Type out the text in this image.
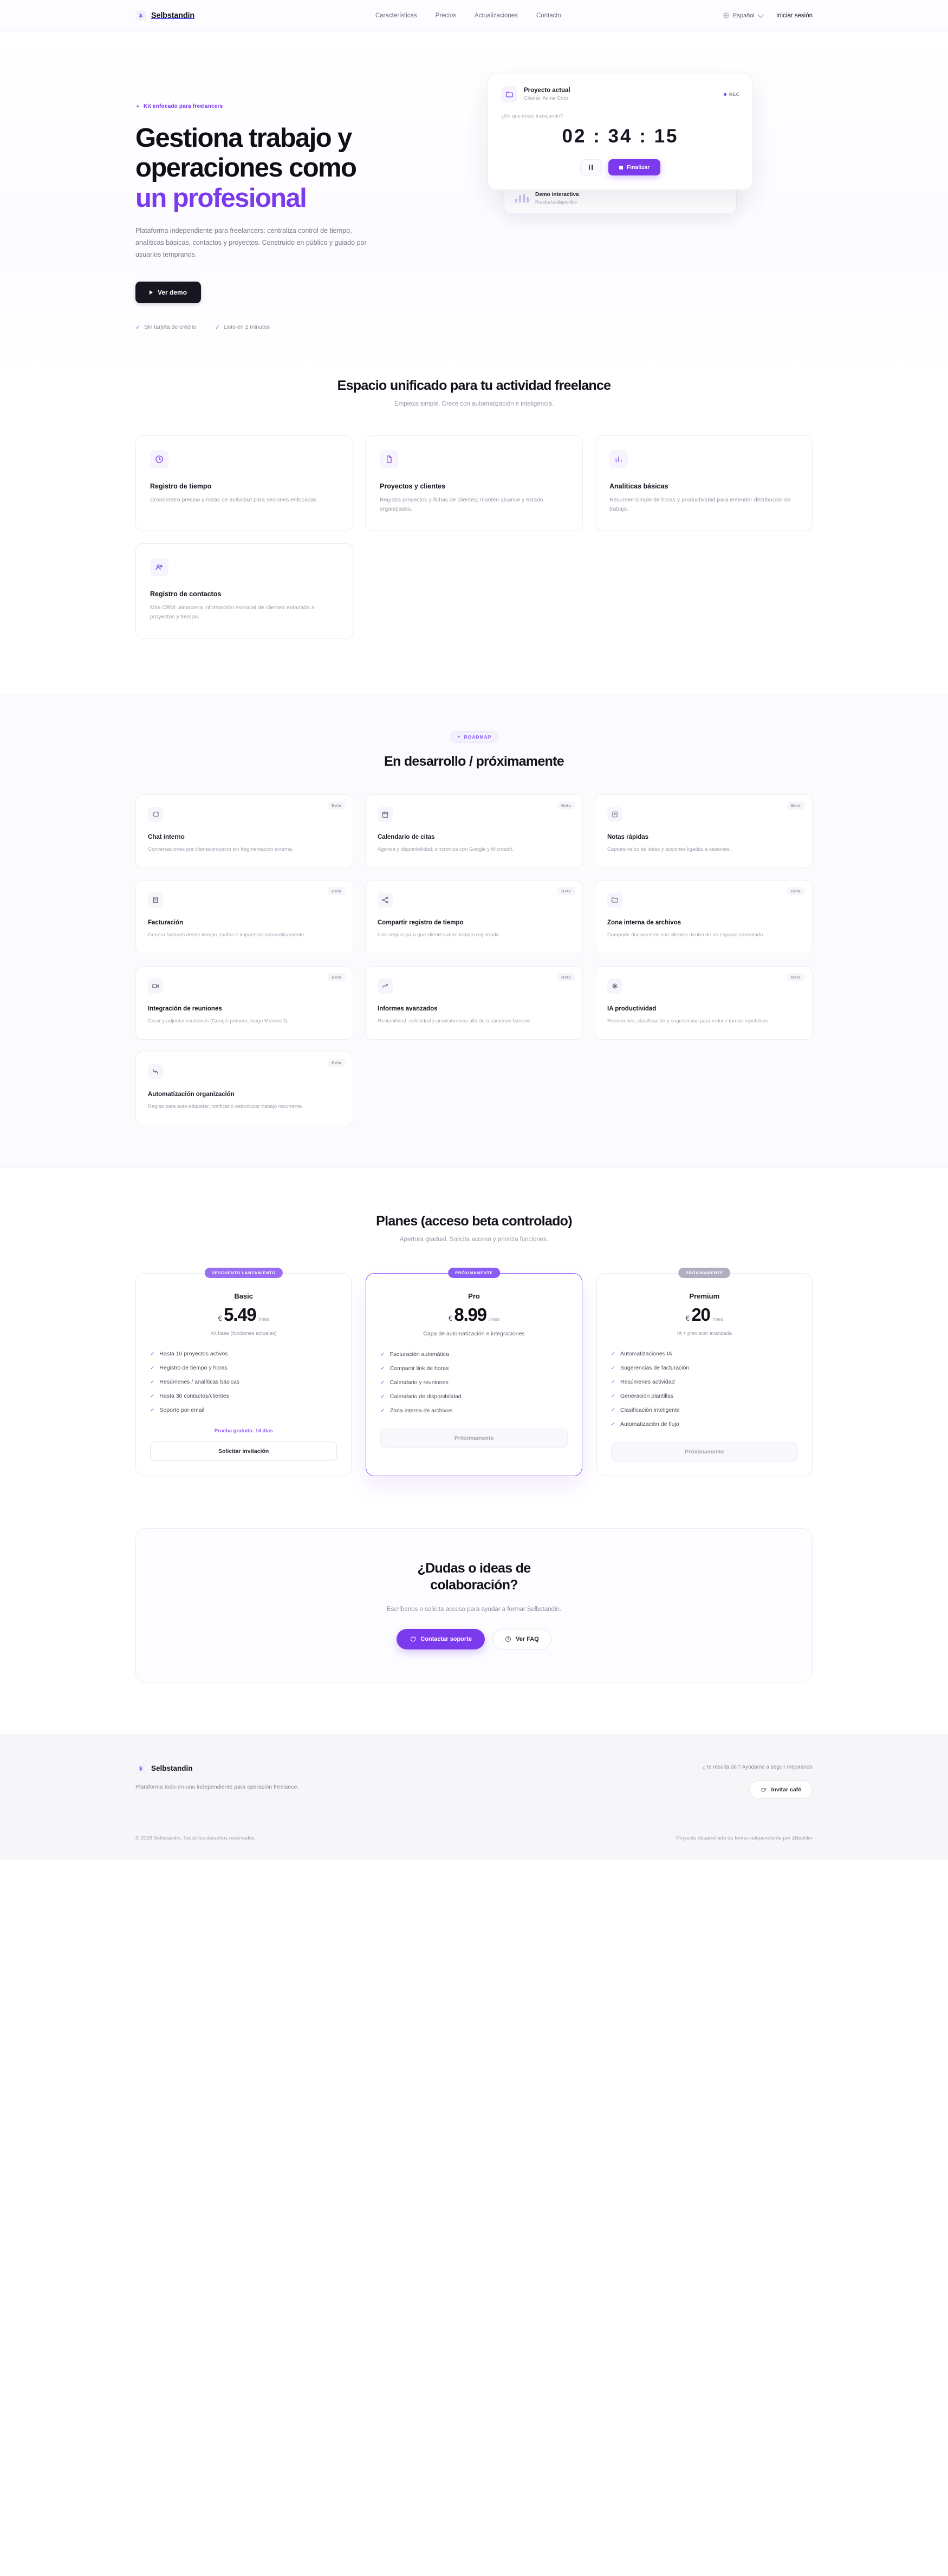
Selbstandin	Características	Precios	Actualizaciones	Contacto	Español	Iniciar sesión
Kit enfocado para freelancers
Gestiona trabajo y
operaciones como
un profesional

Plataforma independiente para freelancers: centraliza control de tiempo, analíticas básicas, contactos y proyectos. Construido en público y guiado por usuarios tempranos.

Ver demo
✓ Sin tarjeta de crédito	✓ Listo en 2 minutos
Proyecto actual
Cliente: Acme Corp
REC
¿En qué estás trabajando?
02 : 34 : 15
Finalizar
Demo interactiva
Prueba la disponible
Espacio unificado para tu actividad freelance
Empieza simple. Crece con automatización e inteligencia.
Registro de tiempo
Cronómetro preciso y notas de actividad para sesiones enfocadas.
Proyectos y clientes
Registra proyectos y fichas de clientes; mantén alcance y estado organizados.
Analíticas básicas
Resumen simple de horas y productividad para entender distribución de trabajo.
Registro de contactos
Mini CRM: almacena información esencial de clientes enlazada a proyectos y tiempo.
ROADMAP
En desarrollo / próximamente
Beta
Chat interno
Conversaciones por cliente/proyecto sin fragmentación externa.
Beta
Calendario de citas
Agenda y disponibilidad; sincroniza con Google y Microsoft.
Beta
Notas rápidas
Captura veloz de ideas y acciones ligadas a sesiones.
Beta
Facturación
Genera facturas desde tiempo, tarifas e impuestos automáticamente.
Beta
Compartir registro de tiempo
Link seguro para que clientes vean trabajo registrado.
Beta
Zona interna de archivos
Comparte documentos con clientes dentro de un espacio controlado.
Beta
Integración de reuniones
Crear y adjuntar reuniones (Google primero, luego Microsoft).
Beta
Informes avanzados
Rentabilidad, velocidad y previsión más allá de resúmenes básicos.
Beta
IA productividad
Resúmenes, clasificación y sugerencias para reducir tareas repetitivas.
Beta
Automatización organización
Reglas para auto-etiquetar, notificar o estructurar trabajo recurrente.
Planes (acceso beta controlado)
Apertura gradual. Solicita acceso y prioriza funciones.
DESCUENTO LANZAMIENTO
Basic
€ 5.49 /mes
Kit base (funciones actuales)
✓ Hasta 10 proyectos activos
✓ Registro de tiempo y horas
✓ Resúmenes / analíticas básicas
✓ Hasta 30 contactos/clientes
✓ Soporte por email
Prueba gratuita: 14 días
Solicitar invitación
PRÓXIMAMENTE
Pro
€ 8.99 /mes
Capa de automatización e integraciones
✓ Facturación automática
✓ Compartir link de horas
✓ Calendario y reuniones
✓ Calendario de disponibilidad
✓ Zona interna de archivos
Próximamente
PRÓXIMAMENTE
Premium
€ 20 /mes
IA + previsión avanzada
✓ Automatizaciones IA
✓ Sugerencias de facturación
✓ Resúmenes actividad
✓ Generación plantillas
✓ Clasificación inteligente
✓ Automatización de flujo
Próximamente
¿Dudas o ideas de
colaboración?
Escríbenos o solicita acceso para ayudar a formar Selbstandin.
Contactar soporte	Ver FAQ
Selbstandin
Plataforma todo-en-uno independiente para operación freelance.
¿Te resulta útil? Ayúdame a seguir mejorando
Invitar café
© 2026 Selbstandin. Todos los derechos reservados.	Proyecto desarrollado de forma independiente por @builder
